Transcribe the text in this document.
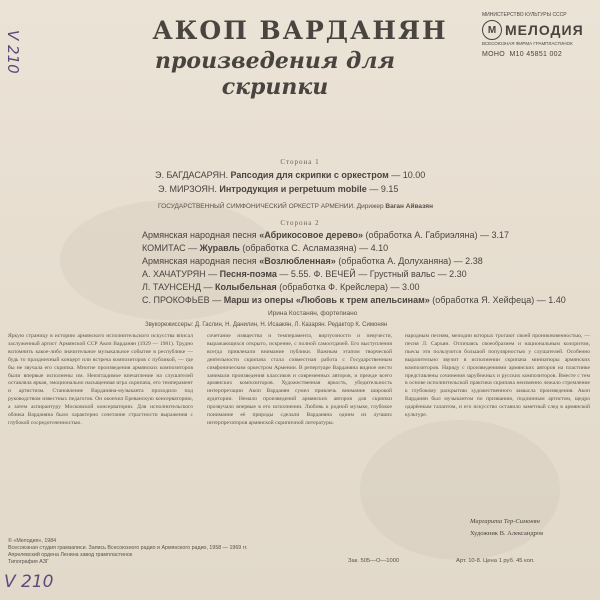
V 210
V 210
АКОП ВАРДАНЯН
произведения для скрипки
МИНИСТЕРСТВО КУЛЬТУРЫ СССР
М МЕЛОДИЯ
ВСЕСОЮЗНАЯ ФИРМА ГРАМПЛАСТИНОК
МОНО М10 45851 002
Сторона 1
Э. БАГДАСАРЯН. Рапсодия для скрипки с оркестром — 10.00
Э. МИРЗОЯН. Интродукция и perpetuum mobile — 9.15
ГОСУДАРСТВЕННЫЙ СИМФОНИЧЕСКИЙ ОРКЕСТР АРМЕНИИ. Дирижер Ваган Айвазян
Сторона 2
Армянская народная песня «Абрикосовое дерево» (обработка А. Габриэляна) — 3.17
КОМИТАС — Журавль (обработка С. Асламазяна) — 4.10
Армянская народная песня «Возлюбленная» (обработка А. Долуханяна) — 2.38
А. ХАЧАТУРЯН — Песня-поэма — 5.55. Ф. ВЕЧЕЙ — Грустный вальс — 2.30
Л. ТАУНСЕНД — Колыбельная (обработка Ф. Крейслера) — 3.00
С. ПРОКОФЬЕВ — Марш из оперы «Любовь к трем апельсинам» (обработка Я. Хейфеца) — 1.40
Ирина Костанян, фортепиано
Звукорежиссеры: Д. Гаслин, Н. Данилин, Н. Исаакян, Л. Казарян. Редактор К. Симонян
Яркую страницу в историю армянского исполнительского искусства вписал заслуженный артист Армянской ССР Акоп Варданян (1929 — 1981). Трудно вспомнить какое-либо значительное музыкальное событие в республике — будь то праздничный концерт или встреча композиторов с публикой, — где бы не звучала его скрипка. Многие произведения армянских композиторов были впервые исполнены им. Неизгладимое впечатление на слушателей оставляла яркая, эмоционально насыщенная игра скрипача, его темперамент и артистизм. Становление Варданяна-музыканта проходило под руководством известных педагогов. Он окончил Ереванскую консерваторию, а затем аспирантуру Московской консерватории. Для исполнительского облика Варданяна было характерно сочетание страстности выражения с глубокой сосредоточенностью.
сочетание изящества и темперамента, виртуозности и певучести, выражающихся открыто, искренне, с полной самоотдачей. Его выступления всегда привлекали внимание публики. Важным этапом творческой деятельности скрипача стала совместная работа с Государственным симфоническим оркестром Армении. В репертуаре Варданяна видное место занимали произведения классиков и современных авторов, и прежде всего армянских композиторов. Художественная яркость, убедительность интерпретации Акоп Варданян сумел привлечь внимание широкой аудитории. Немало произведений армянских авторов для скрипки прозвучало впервые в его исполнении. Любовь к родной музыке, глубокое понимание её природы сделали Варданяна одним из лучших интерпретаторов армянской скрипичной литературы.
народным песням, мелодии которых трогают своей проникновенностью, — песня Л. Саръян. Отличаясь своеобразием и национальным колоритом, пьесы эти пользуются большой популярностью у слушателей. Особенно выразительно звучит в исполнении скрипача миниатюры армянских композиторов. Наряду с произведениями армянских авторов на пластинке представлены сочинения зарубежных и русских композиторов. Вместе с тем в основе исполнительской практики скрипача неизменно лежало стремление к глубокому раскрытию художественного замысла произведения. Акоп Варданян был музыкантом по призванию, подлинным артистом, щедро одарённым талантом, и его искусство оставило заметный след в армянской культуре.
Маргарита Тер-Симонян
Художник В. Александров
© «Мелодия», 1984
Всесоюзная студия грамзаписи. Запись Всесоюзного радио и Армянского радио, 1958 — 1969 гг.
Апрелевский ордена Ленина завод грампластинок
Типография АЗГ	Зак. 505—О—1000	Арт. 10-8. Цена 1 руб. 45 коп.
